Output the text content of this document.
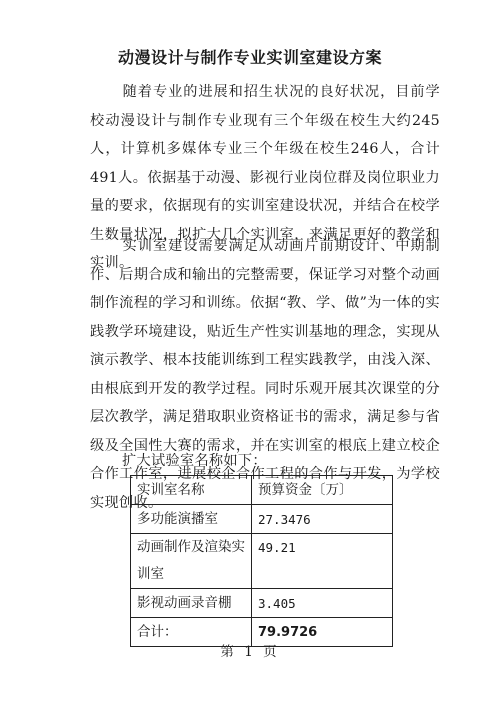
动漫设计与制作专业实训室建设方案
随着专业的进展和招生状况的良好状况，目前学校动漫设计与制作专业现有三个年级在校生大约245人，计算机多媒体专业三个年级在校生246人，合计491人。依据基于动漫、影视行业岗位群及岗位职业力量的要求，依据现有的实训室建设状况，并结合在校学生数量状况，拟扩大几个实训室，来满足更好的教学和实训。
实训室建设需要满足从动画片前期设计、中期制作、后期合成和输出的完整需要，保证学习对整个动画制作流程的学习和训练。依据“教、学、做”为一体的实践教学环境建设，贴近生产性实训基地的理念，实现从演示教学、根本技能训练到工程实践教学，由浅入深、由根底到开发的教学过程。同时乐观开展其次课堂的分层次教学，满足猎取职业资格证书的需求，满足参与省级及全国性大赛的需求，并在实训室的根底上建立校企合作工作室，进展校企合作工程的合作与开发，为学校实现创收。
扩大试验室名称如下：
实训室名称	预算资金〔万〕
多功能演播室	27.3476
动画制作及渲染实训室	49.21
影视动画录音棚	3.405
合计：	79.9726
第 1 页
